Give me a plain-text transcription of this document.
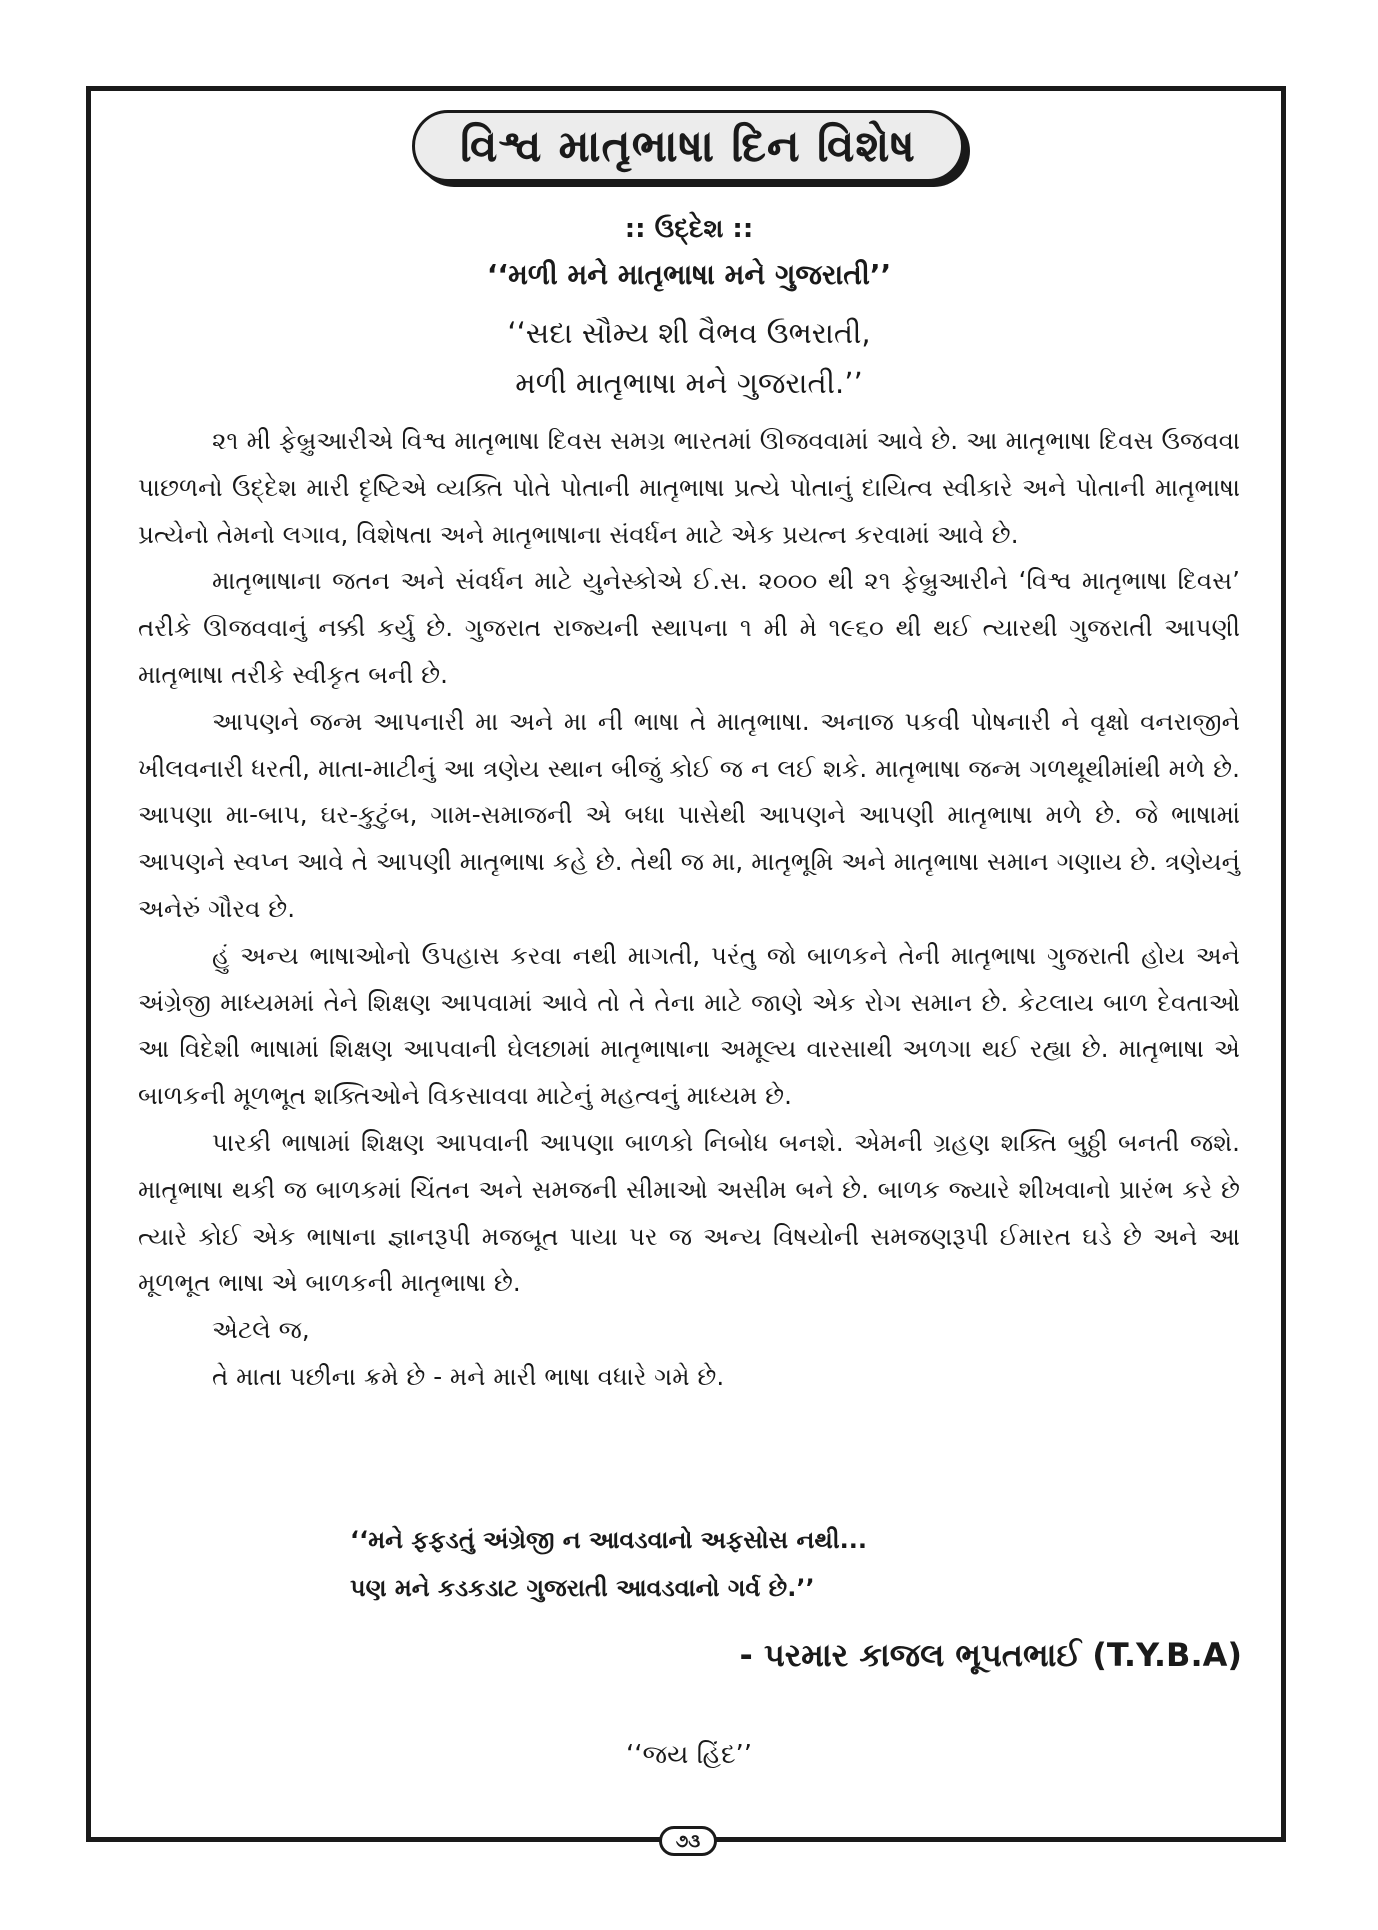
વિશ્વ માતૃભાષા દિન વિશેષ
:: ઉદ્દેશ ::
‘‘મળી મને માતૃભાષા મને ગુજરાતી’’
‘‘સદા સૌમ્ય શી વૈભવ ઉભરાતી,
મળી માતૃભાષા મને ગુજરાતી.’’

૨૧ મી ફેબ્રુઆરીએ વિશ્વ માતૃભાષા દિવસ સમગ્ર ભારતમાં ઊજવવામાં આવે છે. આ માતૃભાષા દિવસ ઉજવવા પાછળનો ઉદ્દેશ મારી દૃષ્ટિએ વ્યક્તિ પોતે પોતાની માતૃભાષા પ્રત્યે પોતાનું દાયિત્વ સ્વીકારે અને પોતાની માતૃભાષા પ્રત્યેનો તેમનો લગાવ, વિશેષતા અને માતૃભાષાના સંવર્ધન માટે એક પ્રયત્ન કરવામાં આવે છે.

માતૃભાષાના જતન અને સંવર્ધન માટે યુનેસ્કોએ ઈ.સ. ૨૦૦૦ થી ૨૧ ફેબ્રુઆરીને ‘વિશ્વ માતૃભાષા દિવસ’ તરીકે ઊજવવાનું નક્કી કર્યુ છે. ગુજરાત રાજ્યની સ્થાપના ૧ મી મે ૧૯૬૦ થી થઈ ત્યારથી ગુજરાતી આપણી માતૃભાષા તરીકે સ્વીકૃત બની છે.

આપણને જન્મ આપનારી મા અને મા ની ભાષા તે માતૃભાષા. અનાજ પકવી પોષનારી ને વૃક્ષો વનરાજીને ખીલવનારી ધરતી, માતા-માટીનું આ ત્રણેય સ્થાન બીજું કોઈ જ ન લઈ શકે. માતૃભાષા જન્મ ગળથૂથીમાંથી મળે છે. આપણા મા-બાપ, ઘર-કુટુંબ, ગામ-સમાજની એ બધા પાસેથી આપણને આપણી માતૃભાષા મળે છે. જે ભાષામાં આપણને સ્વપ્ન આવે તે આપણી માતૃભાષા કહે છે. તેથી જ મા, માતૃભૂમિ અને માતૃભાષા સમાન ગણાય છે. ત્રણેયનું અનેરું ગૌરવ છે.

હું અન્ય ભાષાઓનો ઉપહાસ કરવા નથી માગતી, પરંતુ જો બાળકને તેની માતૃભાષા ગુજરાતી હોય અને અંગ્રેજી માધ્યમમાં તેને શિક્ષણ આપવામાં આવે તો તે તેના માટે જાણે એક રોગ સમાન છે. કેટલાય બાળ દેવતાઓ આ વિદેશી ભાષામાં શિક્ષણ આપવાની ઘેલછામાં માતૃભાષાના અમૂલ્ય વારસાથી અળગા થઈ રહ્યા છે. માતૃભાષા એ બાળકની મૂળભૂત શક્તિઓને વિકસાવવા માટેનું મહત્વનું માધ્યમ છે.

પારકી ભાષામાં શિક્ષણ આપવાની આપણા બાળકો નિબોધ બનશે. એમની ગ્રહણ શક્તિ બુઠ્ઠી બનતી જશે. માતૃભાષા થકી જ બાળકમાં ચિંતન અને સમજની સીમાઓ અસીમ બને છે. બાળક જ્યારે શીખવાનો પ્રારંભ કરે છે ત્યારે કોઈ એક ભાષાના જ્ઞાનરૂપી મજબૂત પાયા પર જ અન્ય વિષયોની સમજણરૂપી ઈમારત ઘડે છે અને આ મૂળભૂત ભાષા એ બાળકની માતૃભાષા છે.

એટલે જ,

તે માતા પછીના ક્રમે છે - મને મારી ભાષા વધારે ગમે છે.

‘‘મને ફફડતું અંગ્રેજી ન આવડવાનો અફસોસ નથી...
પણ મને કડકડાટ ગુજરાતી આવડવાનો ગર્વ છે.’’
- પરમાર કાજલ ભૂપતભાઈ (T.Y.B.A)
‘‘જય હિંદ’’
૭૩
